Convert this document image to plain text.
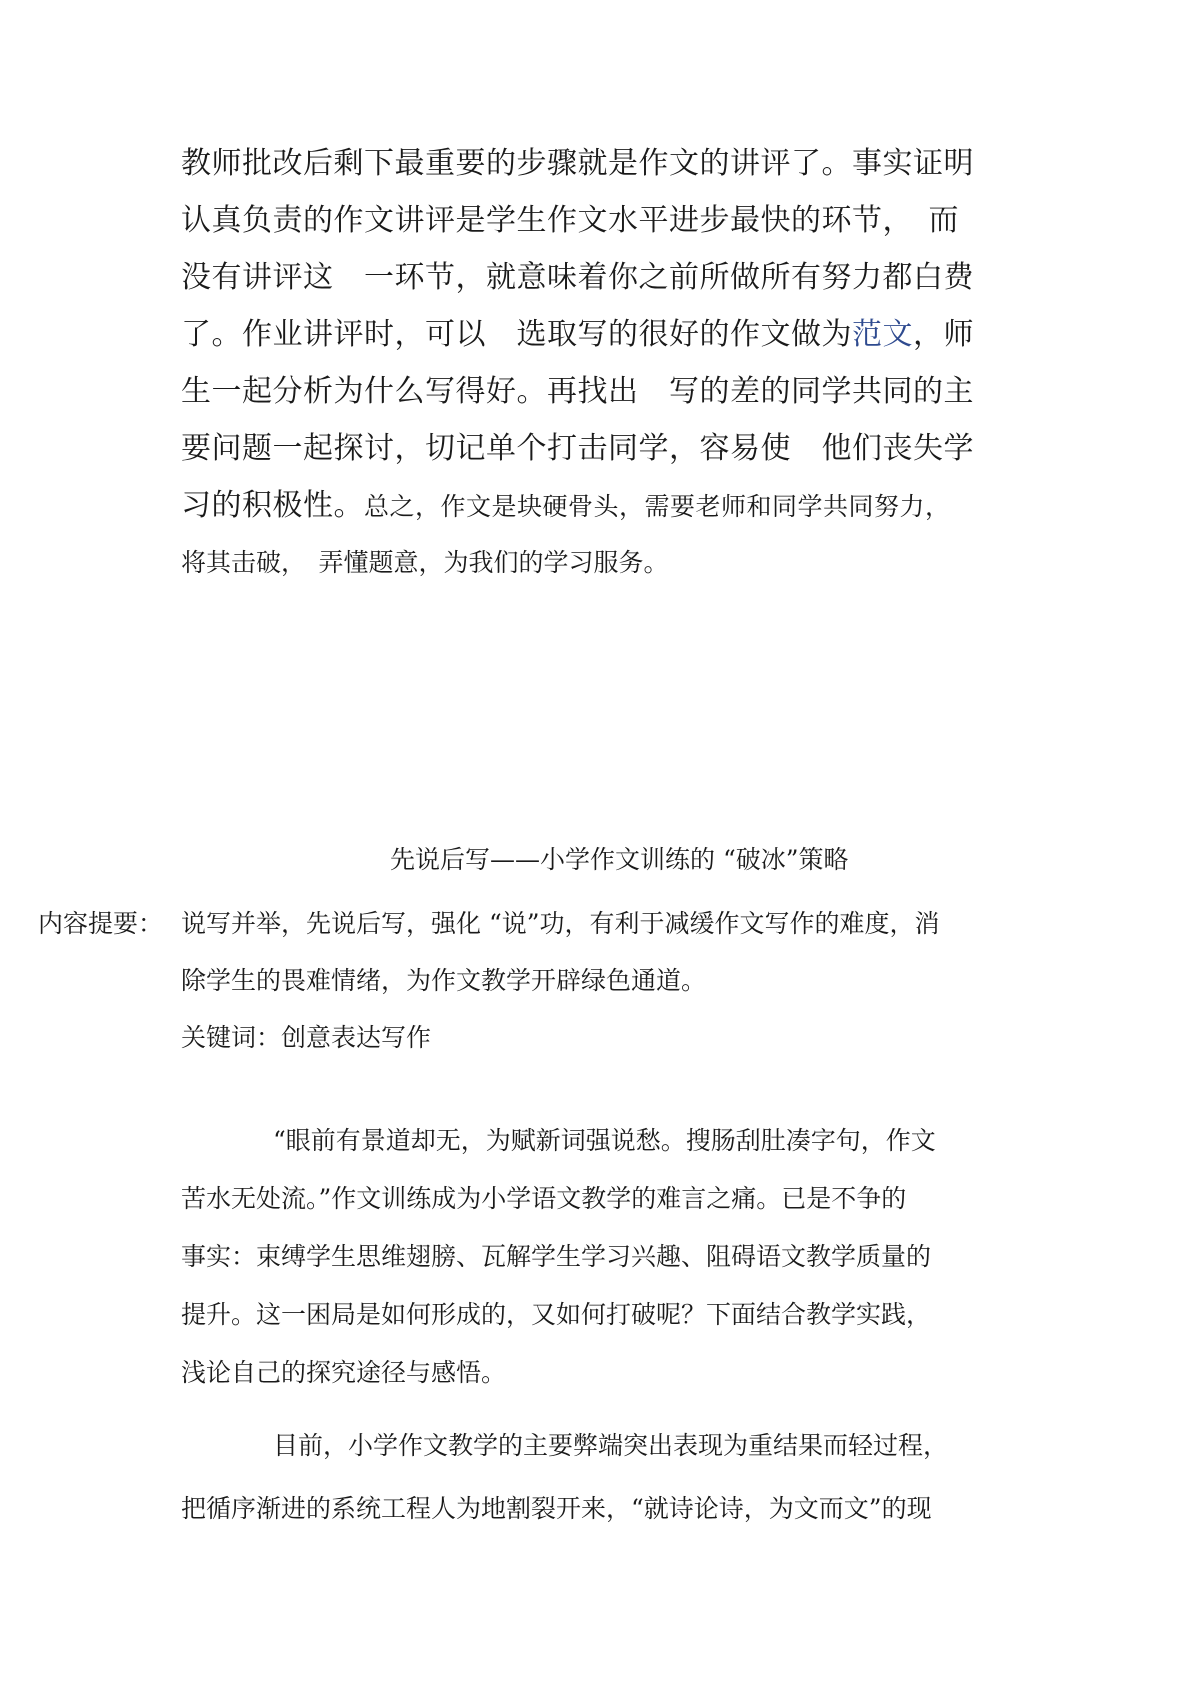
教师批改后剩下最重要的步骤就是作文的讲评了。事实证明
认真负责的作文讲评是学生作文水平进步最快的环节，　而
没有讲评这　一环节，就意味着你之前所做所有努力都白费
了。作业讲评时，可以　选取写的很好的作文做为范文，师
生一起分析为什么写得好。再找出　写的差的同学共同的主
要问题一起探讨，切记单个打击同学，容易使　他们丧失学
习的积极性。总之，作文是块硬骨头，需要老师和同学共同努力，
将其击破，　弄懂题意，为我们的学习服务。
先说后写——小学作文训练的 “破冰”策略
内容提要： 说写并举，先说后写，强化 “说”功，有利于减缓作文写作的难度，消
除学生的畏难情绪，为作文教学开辟绿色通道。
关键词：创意表达写作
“眼前有景道却无，为赋新词强说愁。搜肠刮肚凑字句，作文
苦水无处流。”作文训练成为小学语文教学的难言之痛。已是不争的
事实：束缚学生思维翅膀、瓦解学生学习兴趣、阻碍语文教学质量的
提升。这一困局是如何形成的，又如何打破呢？下面结合教学实践，
浅论自己的探究途径与感悟。
目前，小学作文教学的主要弊端突出表现为重结果而轻过程，
把循序渐进的系统工程人为地割裂开来，“就诗论诗，为文而文”的现
